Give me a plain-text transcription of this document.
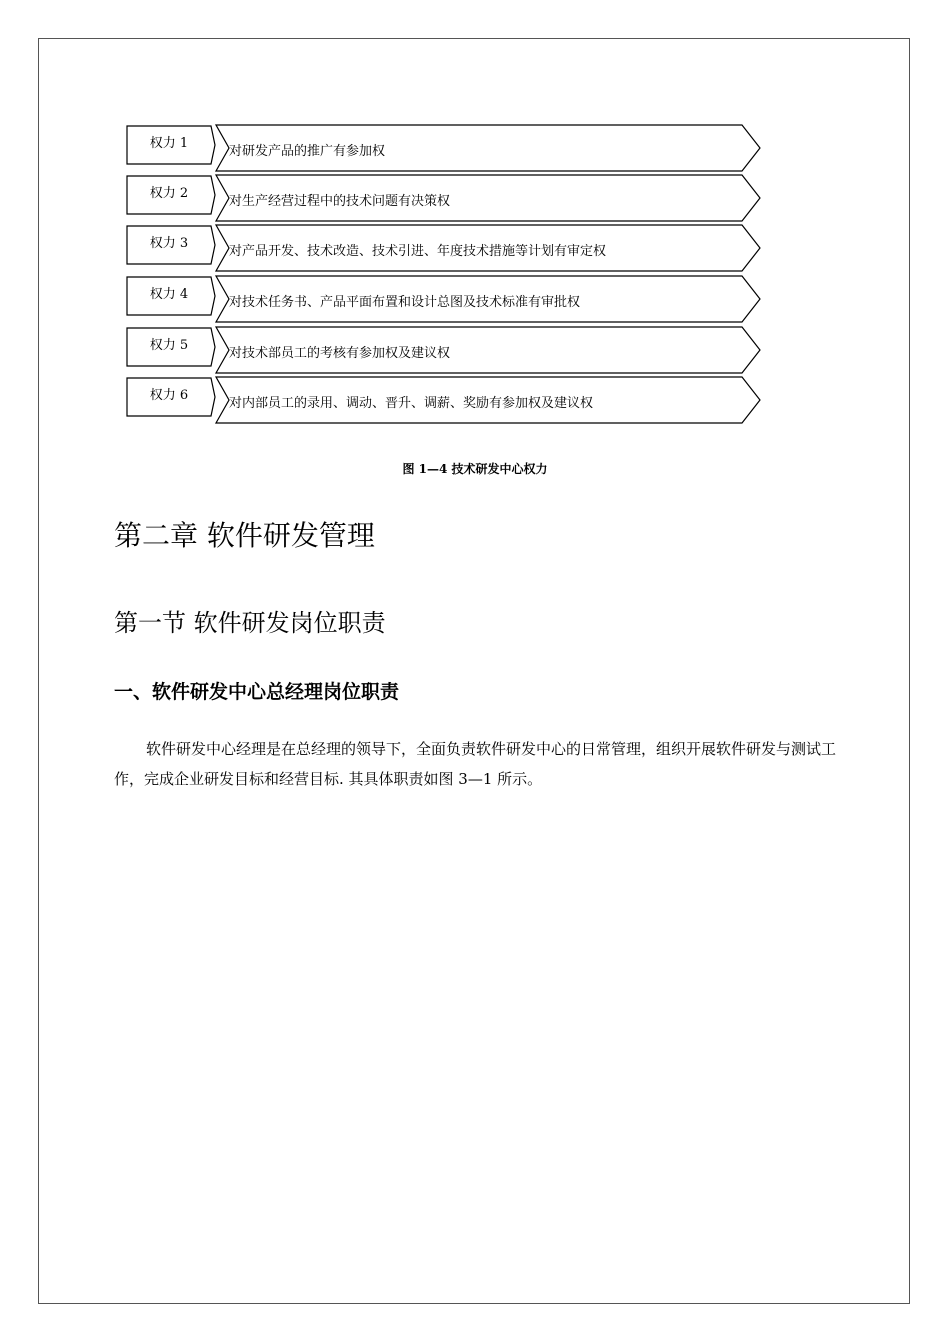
权力 1
权力 2
权力 3
权力 4
权力 5
权力 6
对研发产品的推广有参加权
对生产经营过程中的技术问题有决策权
对产品开发、技术改造、技术引进、年度技术措施等计划有审定权
对技术任务书、产品平面布置和设计总图及技术标准有审批权
对技术部员工的考核有参加权及建议权
对内部员工的录用、调动、晋升、调薪、奖励有参加权及建议权
图 1—4 技术研发中心权力
第二章 软件研发管理
第一节 软件研发岗位职责
一、软件研发中心总经理岗位职责

软件研发中心经理是在总经理的领导下，全面负责软件研发中心的日常管理，组织开展软件研发与测试工作，完成企业研发目标和经营目标. 其具体职责如图 3—1 所示。
